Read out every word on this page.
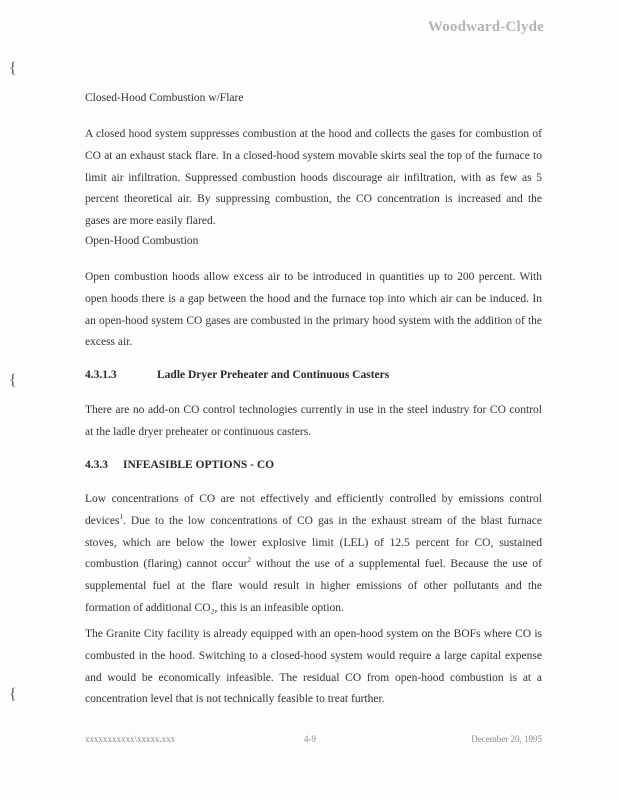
Woodward-Clyde
{
{
{
Closed-Hood Combustion w/Flare
A closed hood system suppresses combustion at the hood and collects the gases for combustion of CO at an exhaust stack flare. In a closed-hood system movable skirts seal the top of the furnace to limit air infiltration. Suppressed combustion hoods discourage air infiltration, with as few as 5 percent theoretical air. By suppressing combustion, the CO concentration is increased and the gases are more easily flared.
Open-Hood Combustion
Open combustion hoods allow excess air to be introduced in quantities up to 200 percent. With open hoods there is a gap between the hood and the furnace top into which air can be induced. In an open-hood system CO gases are combusted in the primary hood system with the addition of the excess air.
4.3.1.3	Ladle Dryer Preheater and Continuous Casters
There are no add-on CO control technologies currently in use in the steel industry for CO control at the ladle dryer preheater or continuous casters.
4.3.3 INFEASIBLE OPTIONS - CO
Low concentrations of CO are not effectively and efficiently controlled by emissions control devices$^1$. Due to the low concentrations of CO gas in the exhaust stream of the blast furnace stoves, which are below the lower explosive limit (LEL) of 12.5 percent for CO, sustained combustion (flaring) cannot occur$^2$ without the use of a supplemental fuel. Because the use of supplemental fuel at the flare would result in higher emissions of other pollutants and the formation of additional CO₂, this is an infeasible option.
The Granite City facility is already equipped with an open-hood system on the BOFs where CO is combusted in the hood. Switching to a closed-hood system would require a large capital expense and would be economically infeasible. The residual CO from open-hood combustion is at a concentration level that is not technically feasible to treat further.
xxxxxxxxxxx\xxxxx.xxx	4-9	December 20, 1995
